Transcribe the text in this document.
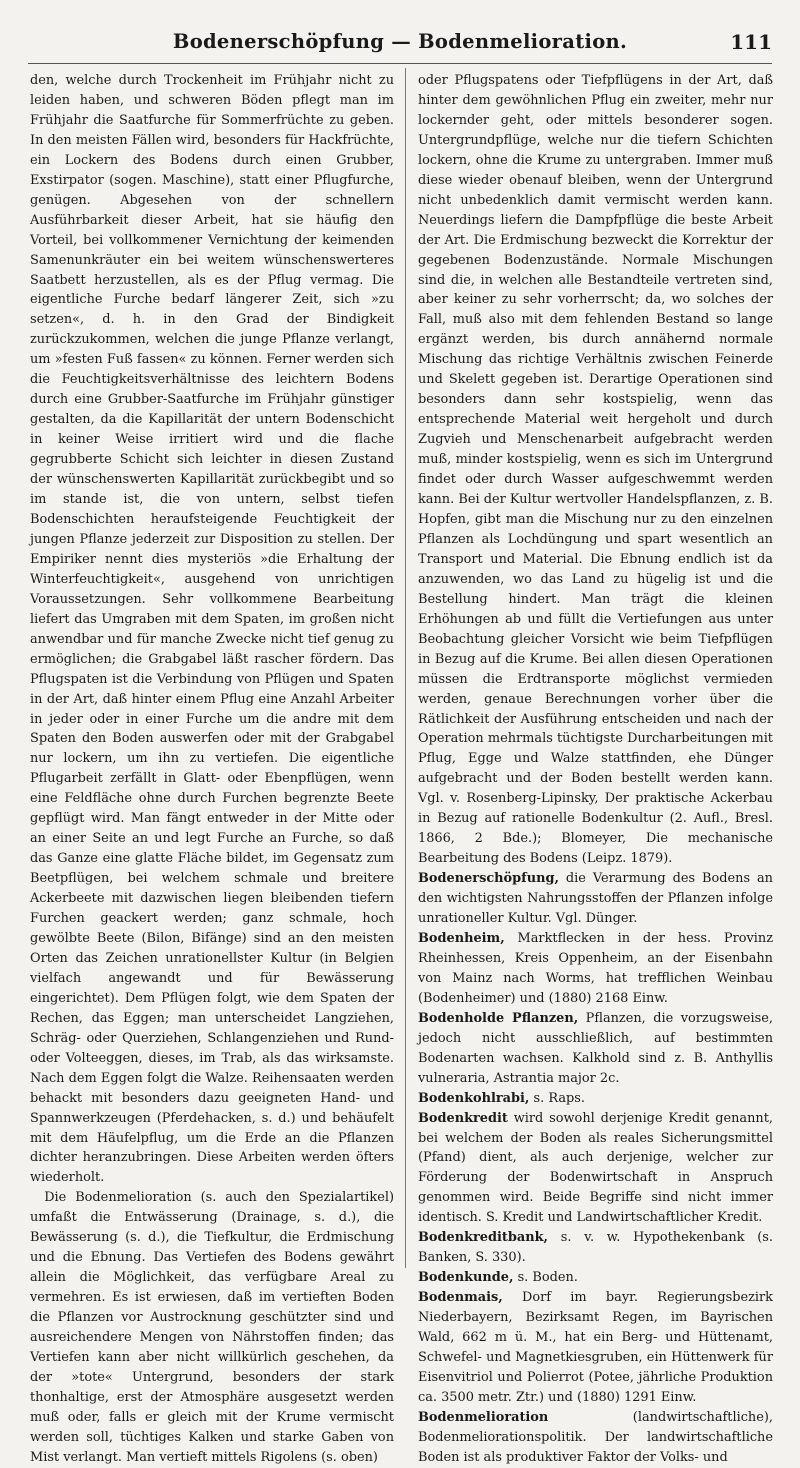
Bodenerschöpfung — Bodenmelioration.	111

den, welche durch Trockenheit im Frühjahr nicht zu leiden haben, und schweren Böden pflegt man im Frühjahr die Saatfurche für Sommerfrüchte zu geben. In den meisten Fällen wird, besonders für Hackfrüchte, ein Lockern des Bodens durch einen Grubber, Exstirpator (sogen. Maschine), statt einer Pflugfurche, genügen. Abgesehen von der schnellern Ausführbarkeit dieser Arbeit, hat sie häufig den Vorteil, bei vollkommener Vernichtung der keimenden Samenunkräuter ein bei weitem wünschenswerteres Saatbett herzustellen, als es der Pflug vermag. Die eigentliche Furche bedarf längerer Zeit, sich »zu setzen«, d. h. in den Grad der Bindigkeit zurückzukommen, welchen die junge Pflanze verlangt, um »festen Fuß fassen« zu können. Ferner werden sich die Feuchtigkeitsverhältnisse des leichtern Bodens durch eine Grubber-Saatfurche im Frühjahr günstiger gestalten, da die Kapillarität der untern Bodenschicht in keiner Weise irritiert wird und die flache gegrubberte Schicht sich leichter in diesen Zustand der wünschenswerten Kapillarität zurückbegibt und so im stande ist, die von untern, selbst tiefen Bodenschichten heraufsteigende Feuchtigkeit der jungen Pflanze jederzeit zur Disposition zu stellen. Der Empiriker nennt dies mysteriös »die Erhaltung der Winterfeuchtigkeit«, ausgehend von unrichtigen Voraussetzungen. Sehr vollkommene Bearbeitung liefert das Umgraben mit dem Spaten, im großen nicht anwendbar und für manche Zwecke nicht tief genug zu ermöglichen; die Grabgabel läßt rascher fördern. Das Pflugspaten ist die Verbindung von Pflügen und Spaten in der Art, daß hinter einem Pflug eine Anzahl Arbeiter in jeder oder in einer Furche um die andre mit dem Spaten den Boden auswerfen oder mit der Grabgabel nur lockern, um ihn zu vertiefen. Die eigentliche Pflugarbeit zerfällt in Glatt- oder Ebenpflügen, wenn eine Feldfläche ohne durch Furchen begrenzte Beete gepflügt wird. Man fängt entweder in der Mitte oder an einer Seite an und legt Furche an Furche, so daß das Ganze eine glatte Fläche bildet, im Gegensatz zum Beetpflügen, bei welchem schmale und breitere Ackerbeete mit dazwischen liegen bleibenden tiefern Furchen geackert werden; ganz schmale, hoch gewölbte Beete (Bilon, Bifänge) sind an den meisten Orten das Zeichen unrationellster Kultur (in Belgien vielfach angewandt und für Bewässerung eingerichtet). Dem Pflügen folgt, wie dem Spaten der Rechen, das Eggen; man unterscheidet Langziehen, Schräg- oder Querziehen, Schlangenziehen und Rund- oder Volteeggen, dieses, im Trab, als das wirksamste. Nach dem Eggen folgt die Walze. Reihensaaten werden behackt mit besonders dazu geeigneten Hand- und Spannwerkzeugen (Pferdehacken, s. d.) und behäufelt mit dem Häufelpflug, um die Erde an die Pflanzen dichter heranzubringen. Diese Arbeiten werden öfters wiederholt.

Die Bodenmelioration (s. auch den Spezialartikel) umfaßt die Entwässerung (Drainage, s. d.), die Bewässerung (s. d.), die Tiefkultur, die Erdmischung und die Ebnung. Das Vertiefen des Bodens gewährt allein die Möglichkeit, das verfügbare Areal zu vermehren. Es ist erwiesen, daß im vertieften Boden die Pflanzen vor Austrocknung geschützter sind und ausreichendere Mengen von Nährstoffen finden; das Vertiefen kann aber nicht willkürlich geschehen, da der »tote« Untergrund, besonders der stark thonhaltige, erst der Atmosphäre ausgesetzt werden muß oder, falls er gleich mit der Krume vermischt werden soll, tüchtiges Kalken und starke Gaben von Mist verlangt. Man vertieft mittels Rigolens (s. oben)

oder Pflugspatens oder Tiefpflügens in der Art, daß hinter dem gewöhnlichen Pflug ein zweiter, mehr nur lockernder geht, oder mittels besonderer sogen. Untergrundpflüge, welche nur die tiefern Schichten lockern, ohne die Krume zu untergraben. Immer muß diese wieder obenauf bleiben, wenn der Untergrund nicht unbedenklich damit vermischt werden kann. Neuerdings liefern die Dampfpflüge die beste Arbeit der Art. Die Erdmischung bezweckt die Korrektur der gegebenen Bodenzustände. Normale Mischungen sind die, in welchen alle Bestandteile vertreten sind, aber keiner zu sehr vorherrscht; da, wo solches der Fall, muß also mit dem fehlenden Bestand so lange ergänzt werden, bis durch annähernd normale Mischung das richtige Verhältnis zwischen Feinerde und Skelett gegeben ist. Derartige Operationen sind besonders dann sehr kostspielig, wenn das entsprechende Material weit hergeholt und durch Zugvieh und Menschenarbeit aufgebracht werden muß, minder kostspielig, wenn es sich im Untergrund findet oder durch Wasser aufgeschwemmt werden kann. Bei der Kultur wertvoller Handelspflanzen, z. B. Hopfen, gibt man die Mischung nur zu den einzelnen Pflanzen als Lochdüngung und spart wesentlich an Transport und Material. Die Ebnung endlich ist da anzuwenden, wo das Land zu hügelig ist und die Bestellung hindert. Man trägt die kleinen Erhöhungen ab und füllt die Vertiefungen aus unter Beobachtung gleicher Vorsicht wie beim Tiefpflügen in Bezug auf die Krume. Bei allen diesen Operationen müssen die Erdtransporte möglichst vermieden werden, genaue Berechnungen vorher über die Rätlichkeit der Ausführung entscheiden und nach der Operation mehrmals tüchtigste Durcharbeitungen mit Pflug, Egge und Walze stattfinden, ehe Dünger aufgebracht und der Boden bestellt werden kann. Vgl. v. Rosenberg-Lipinsky, Der praktische Ackerbau in Bezug auf rationelle Bodenkultur (2. Aufl., Bresl. 1866, 2 Bde.); Blomeyer, Die mechanische Bearbeitung des Bodens (Leipz. 1879).

Bodenerschöpfung, die Verarmung des Bodens an den wichtigsten Nahrungsstoffen der Pflanzen infolge unrationeller Kultur. Vgl. Dünger.

Bodenheim, Marktflecken in der hess. Provinz Rheinhessen, Kreis Oppenheim, an der Eisenbahn von Mainz nach Worms, hat trefflichen Weinbau (Bodenheimer) und (1880) 2168 Einw.

Bodenholde Pflanzen, Pflanzen, die vorzugsweise, jedoch nicht ausschließlich, auf bestimmten Bodenarten wachsen. Kalkhold sind z. B. Anthyllis vulneraria, Astrantia major 2c.

Bodenkohlrabi, s. Raps.

Bodenkredit wird sowohl derjenige Kredit genannt, bei welchem der Boden als reales Sicherungsmittel (Pfand) dient, als auch derjenige, welcher zur Förderung der Bodenwirtschaft in Anspruch genommen wird. Beide Begriffe sind nicht immer identisch. S. Kredit und Landwirtschaftlicher Kredit.

Bodenkreditbank, s. v. w. Hypothekenbank (s. Banken, S. 330).

Bodenkunde, s. Boden.

Bodenmais, Dorf im bayr. Regierungsbezirk Niederbayern, Bezirksamt Regen, im Bayrischen Wald, 662 m ü. M., hat ein Berg- und Hüttenamt, Schwefel- und Magnetkiesgruben, ein Hüttenwerk für Eisenvitriol und Polierrot (Potee, jährliche Produktion ca. 3500 metr. Ztr.) und (1880) 1291 Einw.

Bodenmelioration (landwirtschaftliche), Bodenmeliorationspolitik. Der landwirtschaftliche Boden ist als produktiver Faktor der Volks- und
